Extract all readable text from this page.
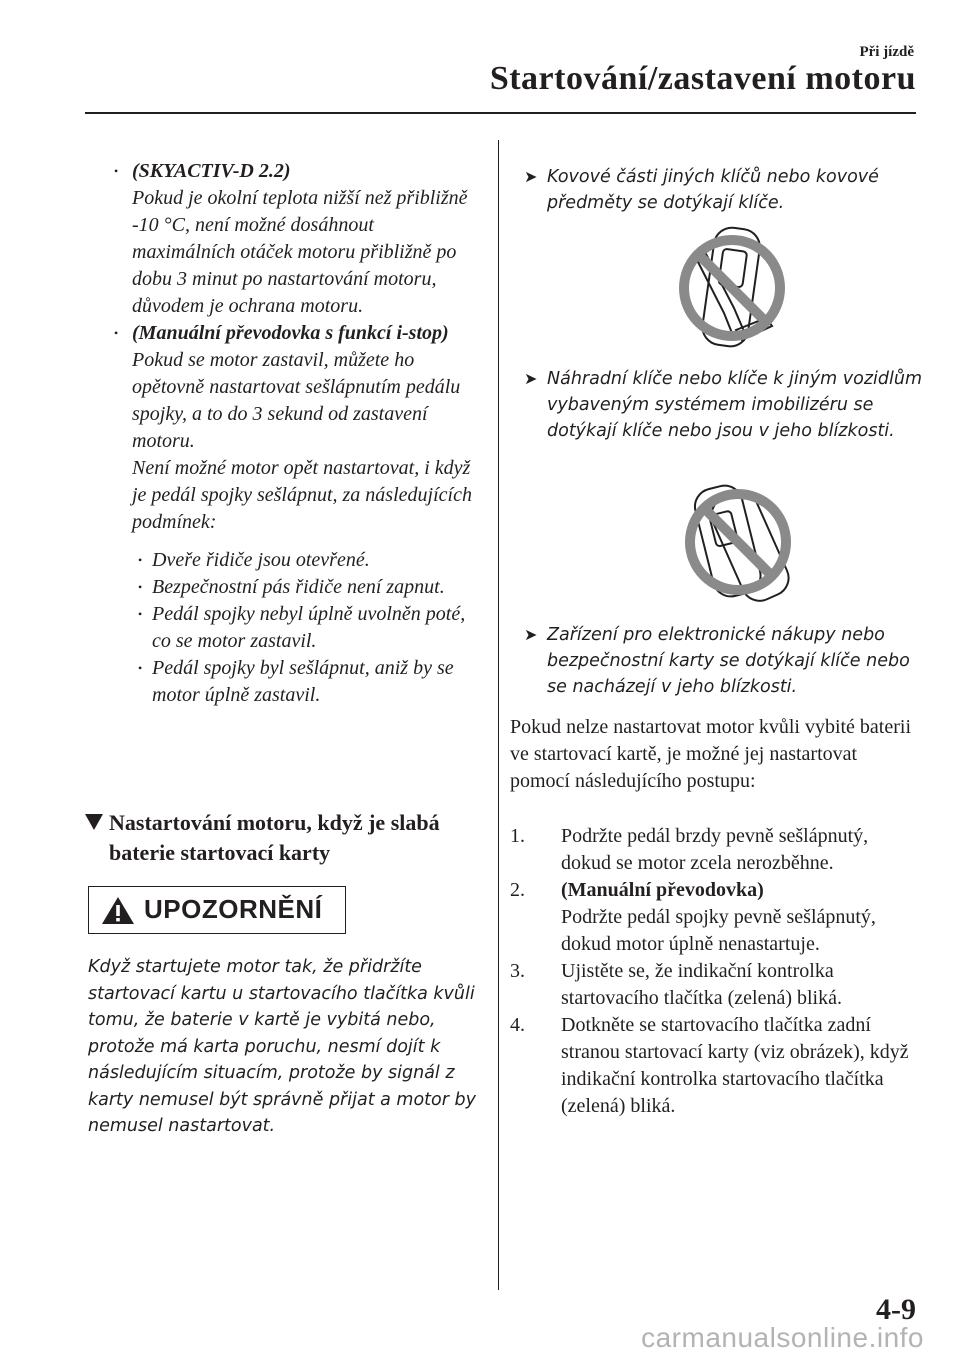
Při jízdě
Startování/zastavení motoru
• (SKYACTIV-D 2.2)
Pokud je okolní teplota nižší než přibližně -10 °C, není možné dosáhnout maximálních otáček motoru přibližně po dobu 3 minut po nastartování motoru, důvodem je ochrana motoru.
• (Manuální převodovka s funkcí i-stop)
Pokud se motor zastavil, můžete ho opětovně nastartovat sešlápnutím pedálu spojky, a to do 3 sekund od zastavení motoru.
Není možné motor opět nastartovat, i když je pedál spojky sešlápnut, za následujících podmínek:
• Dveře řidiče jsou otevřené.
• Bezpečnostní pás řidiče není zapnut.
• Pedál spojky nebyl úplně uvolněn poté, co se motor zastavil.
• Pedál spojky byl sešlápnut, aniž by se motor úplně zastavil.
Nastartování motoru, když je slabá baterie startovací karty
UPOZORNĚNÍ
Když startujete motor tak, že přidržíte startovací kartu u startovacího tlačítka kvůli tomu, že baterie v kartě je vybitá nebo, protože má karta poruchu, nesmí dojít k následujícím situacím, protože by signál z karty nemusel být správně přijat a motor by nemusel nastartovat.
➤ Kovové části jiných klíčů nebo kovové předměty se dotýkají klíče.
➤ Náhradní klíče nebo klíče k jiným vozidlům vybaveným systémem imobilizéru se dotýkají klíče nebo jsou v jeho blízkosti.
➤ Zařízení pro elektronické nákupy nebo bezpečnostní karty se dotýkají klíče nebo se nacházejí v jeho blízkosti.
Pokud nelze nastartovat motor kvůli vybité baterii ve startovací kartě, je možné jej nastartovat pomocí následujícího postupu:
1. Podržte pedál brzdy pevně sešlápnutý, dokud se motor zcela nerozběhne.
2. (Manuální převodovka)
Podržte pedál spojky pevně sešlápnutý, dokud motor úplně nenastartuje.
3. Ujistěte se, že indikační kontrolka startovacího tlačítka (zelená) bliká.
4. Dotkněte se startovacího tlačítka zadní stranou startovací karty (viz obrázek), když indikační kontrolka startovacího tlačítka (zelená) bliká.
4-9
carmanualsonline.info
